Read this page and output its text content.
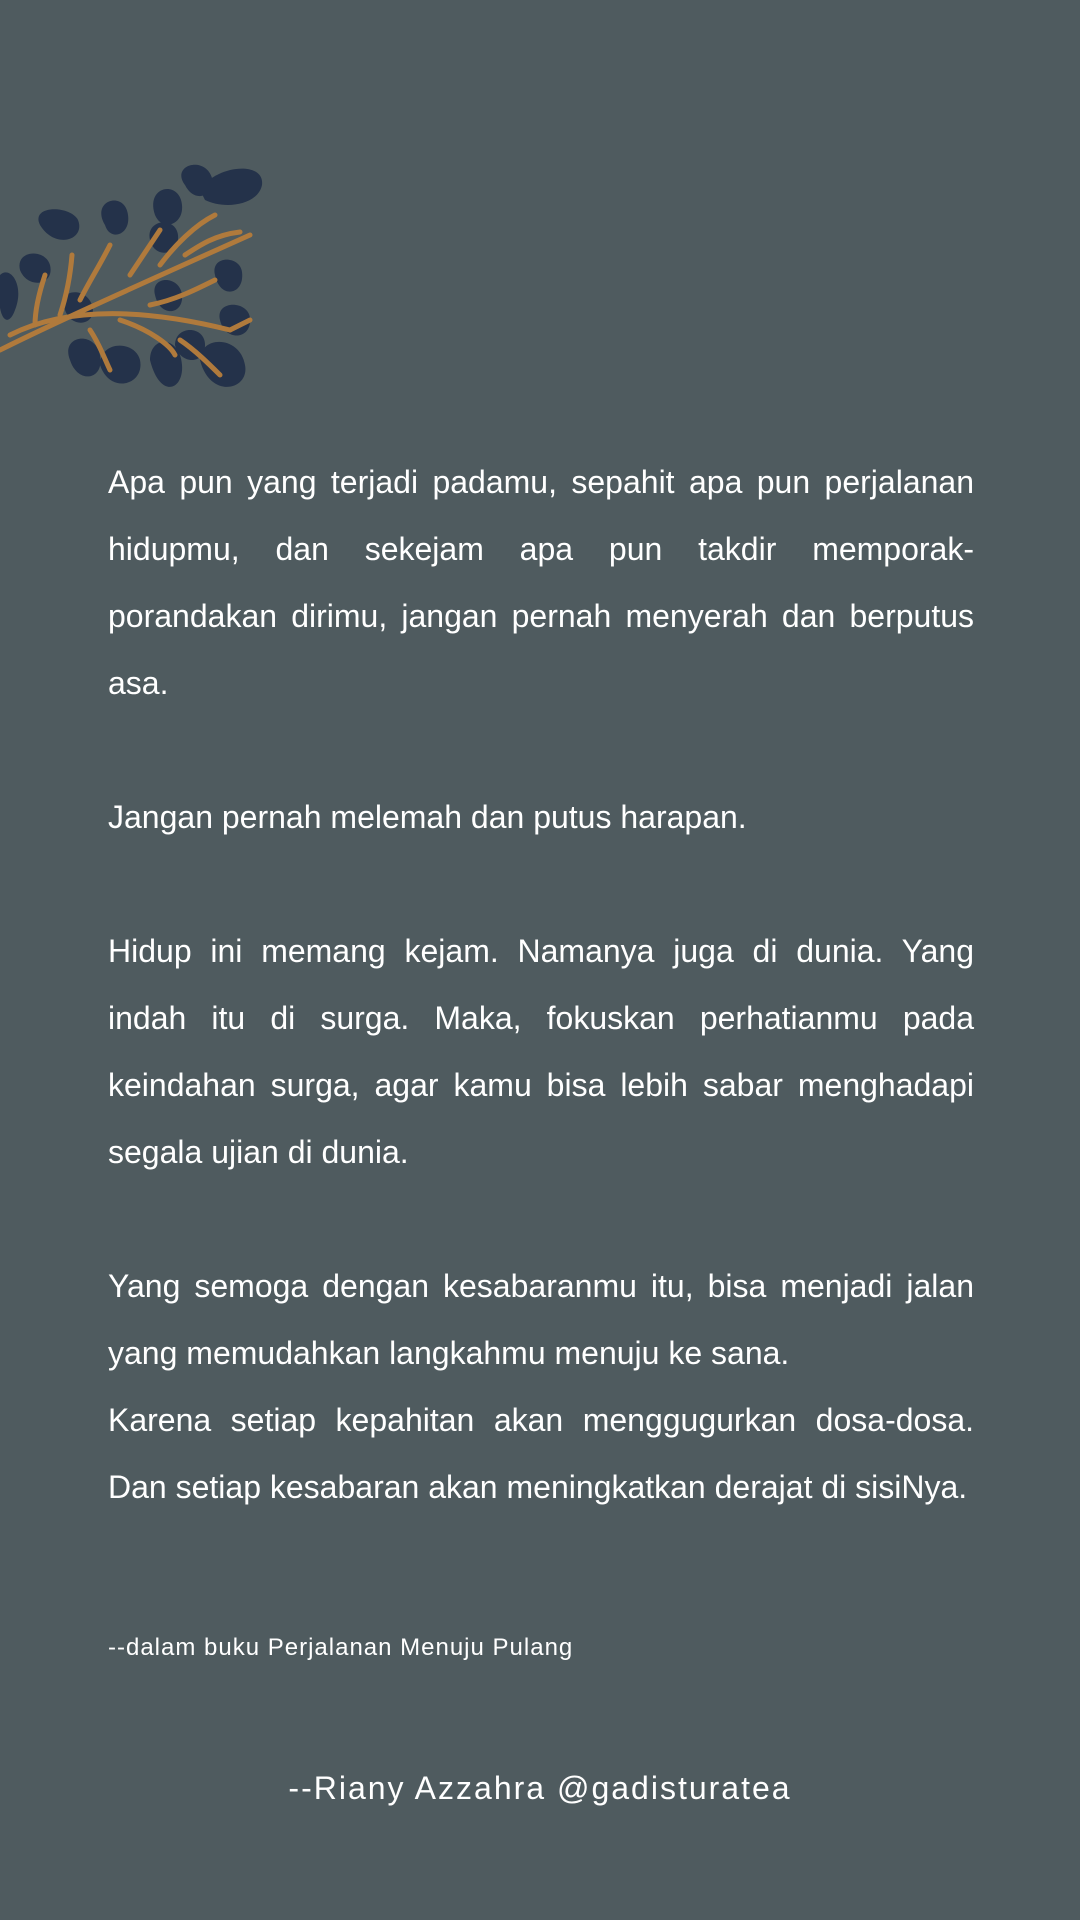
Apa pun yang terjadi padamu, sepahit apa pun perjalanan hidupmu, dan sekejam apa pun takdir memporak-porandakan dirimu, jangan pernah menyerah dan berputus asa.

Jangan pernah melemah dan putus harapan.

Hidup ini memang kejam. Namanya juga di dunia. Yang indah itu di surga. Maka, fokuskan perhatianmu pada keindahan surga, agar kamu bisa lebih sabar menghadapi segala ujian di dunia.

Yang semoga dengan kesabaranmu itu, bisa menjadi jalan yang memudahkan langkahmu menuju ke sana.

Karena setiap kepahitan akan menggugurkan dosa-dosa. Dan setiap kesabaran akan meningkatkan derajat di sisiNya.

--dalam buku Perjalanan Menuju Pulang
--Riany Azzahra @gadisturatea
